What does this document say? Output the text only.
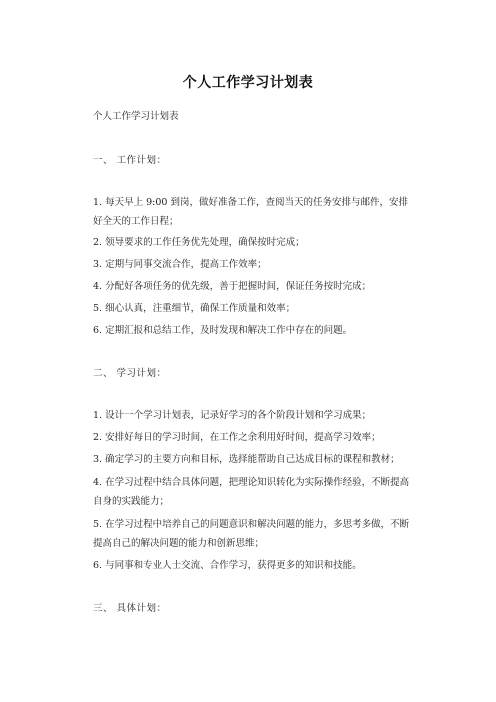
个人工作学习计划表
个人工作学习计划表
一、 工作计划：
1. 每天早上 9:00 到岗，做好准备工作，查阅当天的任务安排与邮件，安排好全天的工作日程；
2. 领导要求的工作任务优先处理，确保按时完成；
3. 定期与同事交流合作，提高工作效率；
4. 分配好各项任务的优先级，善于把握时间，保证任务按时完成；
5. 细心认真，注重细节，确保工作质量和效率；
6. 定期汇报和总结工作，及时发现和解决工作中存在的问题。
二、 学习计划：
1. 设计一个学习计划表，记录好学习的各个阶段计划和学习成果；
2. 安排好每日的学习时间，在工作之余利用好时间，提高学习效率；
3. 确定学习的主要方向和目标，选择能帮助自己达成目标的课程和教材；
4. 在学习过程中结合具体问题，把理论知识转化为实际操作经验，不断提高自身的实践能力；
5. 在学习过程中培养自己的问题意识和解决问题的能力，多思考多做，不断提高自己的解决问题的能力和创新思维；
6. 与同事和专业人士交流、合作学习，获得更多的知识和技能。
三、 具体计划：
